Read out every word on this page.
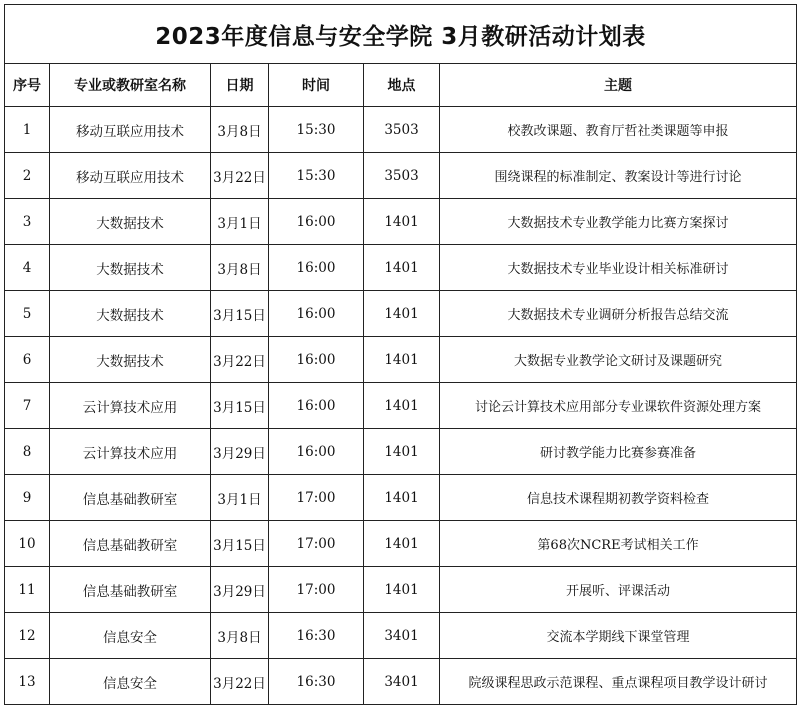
2023年度信息与安全学院 3月教研活动计划表					
序号	专业或教研室名称	日期	时间	地点	主题
1	移动互联应用技术	3月8日	15:30	3503	校教改课题、教育厅哲社类课题等申报
2	移动互联应用技术	3月22日	15:30	3503	围绕课程的标准制定、教案设计等进行讨论
3	大数据技术	3月1日	16:00	1401	大数据技术专业教学能力比赛方案探讨
4	大数据技术	3月8日	16:00	1401	大数据技术专业毕业设计相关标准研讨
5	大数据技术	3月15日	16:00	1401	大数据技术专业调研分析报告总结交流
6	大数据技术	3月22日	16:00	1401	大数据专业教学论文研讨及课题研究
7	云计算技术应用	3月15日	16:00	1401	讨论云计算技术应用部分专业课软件资源处理方案
8	云计算技术应用	3月29日	16:00	1401	研讨教学能力比赛参赛准备
9	信息基础教研室	3月1日	17:00	1401	信息技术课程期初教学资料检查
10	信息基础教研室	3月15日	17:00	1401	第68次NCRE考试相关工作
11	信息基础教研室	3月29日	17:00	1401	开展听、评课活动
12	信息安全	3月8日	16:30	3401	交流本学期线下课堂管理
13	信息安全	3月22日	16:30	3401	院级课程思政示范课程、重点课程项目教学设计研讨
